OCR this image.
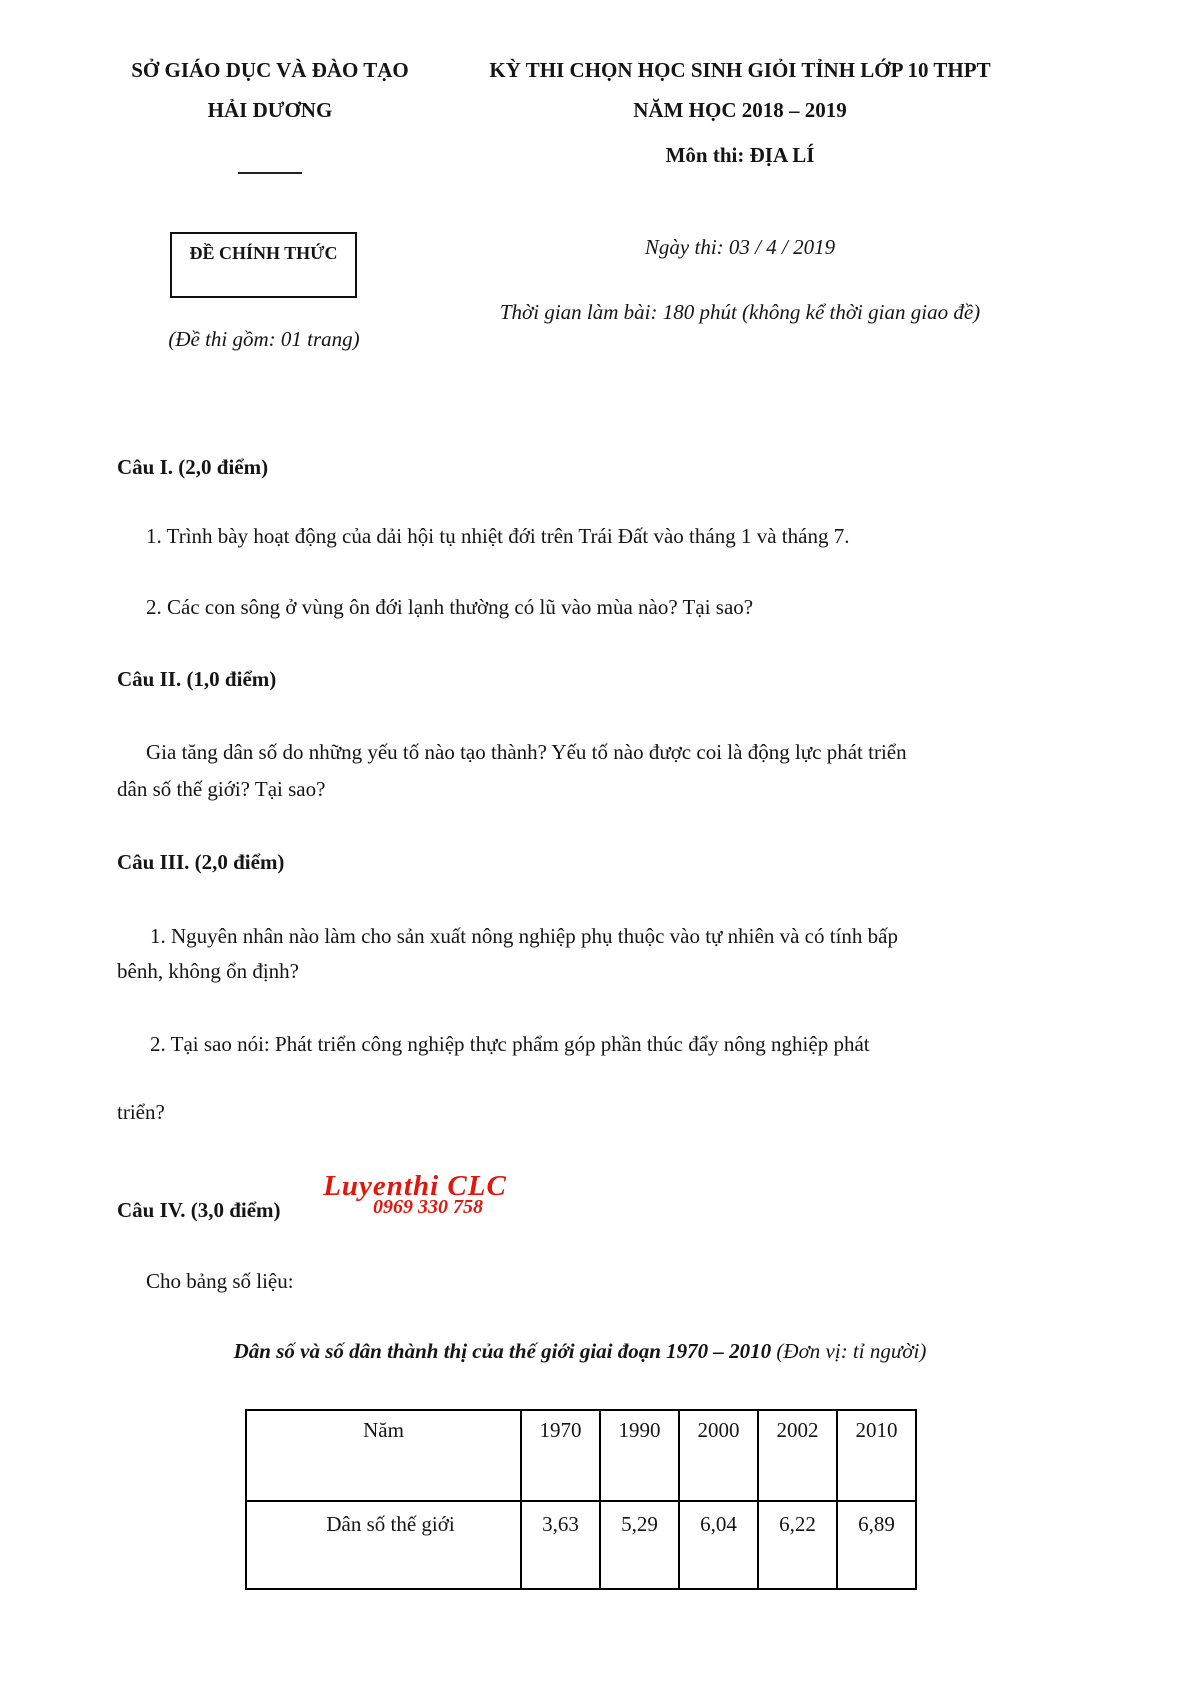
SỞ GIÁO DỤC VÀ ĐÀO TẠO
HẢI DƯƠNG
KỲ THI CHỌN HỌC SINH GIỎI TỈNH LỚP 10 THPT
NĂM HỌC 2018 – 2019
Môn thi: ĐỊA LÍ
ĐỀ CHÍNH THỨC	Ngày thi: 03 / 4 / 2019
Thời gian làm bài: 180 phút (không kể thời gian giao đề)
(Đề thi gồm: 01 trang)
Câu I. (2,0 điểm)
1. Trình bày hoạt động của dải hội tụ nhiệt đới trên Trái Đất vào tháng 1 và tháng 7.
2. Các con sông ở vùng ôn đới lạnh thường có lũ vào mùa nào? Tại sao?
Câu II. (1,0 điểm)
Gia tăng dân số do những yếu tố nào tạo thành? Yếu tố nào được coi là động lực phát triển
dân số thế giới? Tại sao?
Câu III. (2,0 điểm)
1. Nguyên nhân nào làm cho sản xuất nông nghiệp phụ thuộc vào tự nhiên và có tính bấp
bênh, không ổn định?
2. Tại sao nói: Phát triển công nghiệp thực phẩm góp phần thúc đẩy nông nghiệp phát
triển?
Luyenthi CLC
0969 330 758
Câu IV. (3,0 điểm)
Cho bảng số liệu:
Dân số và số dân thành thị của thế giới giai đoạn 1970 – 2010 (Đơn vị: tỉ người)
Năm	1970	1990	2000	2002	2010
Dân số thế giới	3,63	5,29	6,04	6,22	6,89
